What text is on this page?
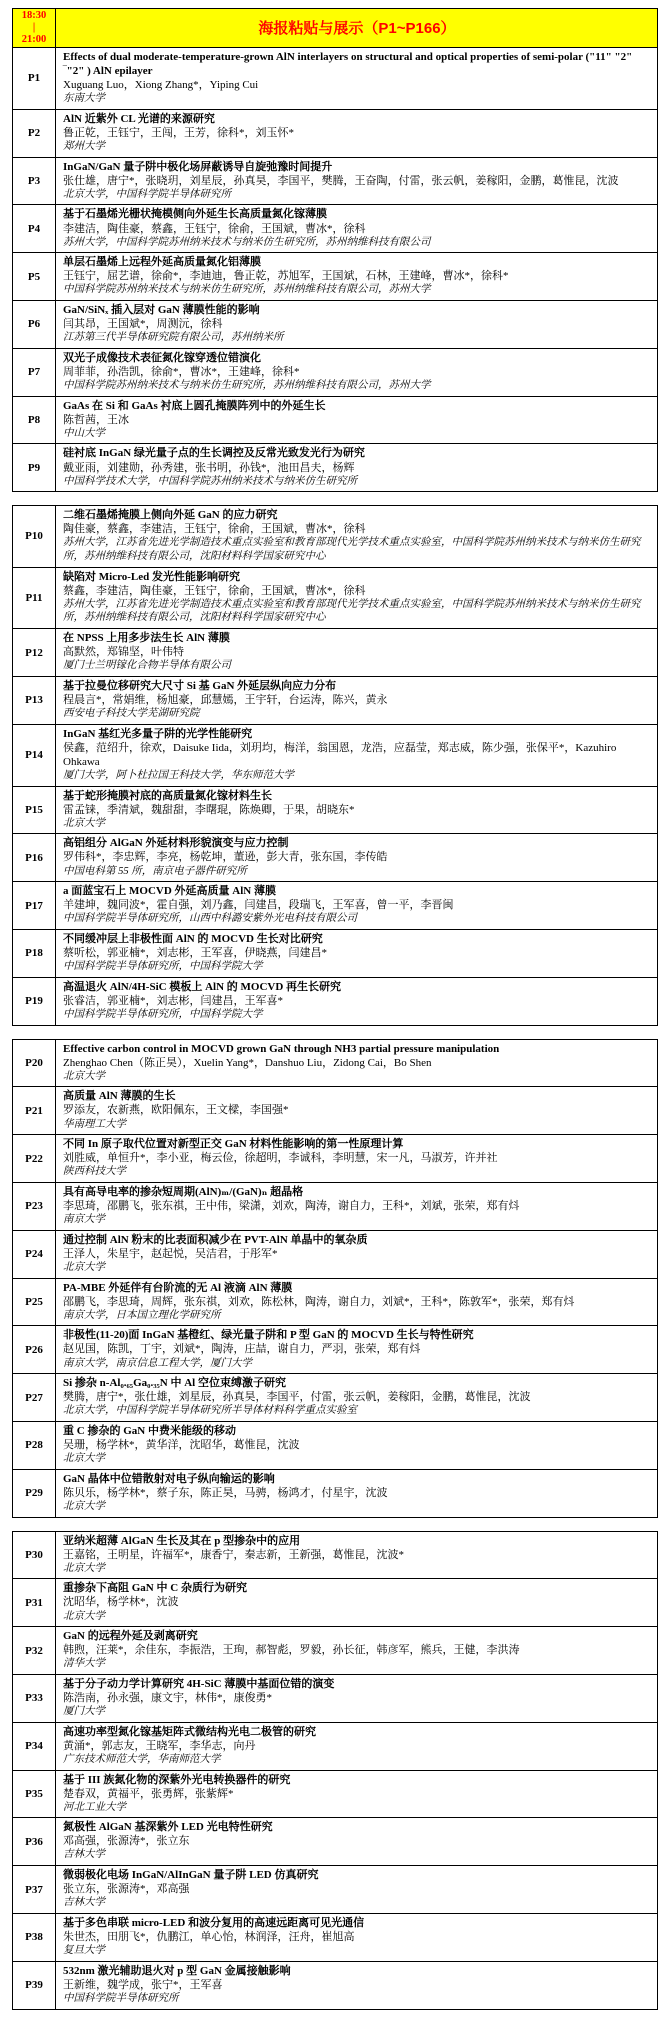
18:30
|
21:00
海报粘贴与展示（P1~P166）
P1
Effects of dual moderate-temperature-grown AlN interlayers on structural and optical properties of semi-polar ("11" "2" ‾"2" ) AlN epilayer
Xuguang Luo，Xiong Zhang*，Yiping Cui
东南大学
P2
AlN 近紫外 CL 光谱的来源研究
鲁正乾，王钰宁，王闯，王芳，徐科*，刘玉怀*
郑州大学
P3
InGaN/GaN 量子阱中极化场屏蔽诱导自旋弛豫时间提升
张仕雄，唐宁*，张晓玥，刘星辰，孙真昊，李国平，樊腾，王奋陶，付雷，张云帆，姜稼阳，金鹏，葛惟昆，沈波
北京大学，中国科学院半导体研究所
P4
基于石墨烯光栅状掩模侧向外延生长高质量氮化镓薄膜
李建洁，陶佳豪，蔡鑫，王钰宁，徐俞，王国斌，曹冰*，徐科
苏州大学，中国科学院苏州纳米技术与纳米仿生研究所，苏州纳维科技有限公司
P5
单层石墨烯上远程外延高质量氮化铝薄膜
王钰宁，屈艺谱，徐俞*，李迪迪，鲁正乾，苏旭军，王国斌，石林，王建峰，曹冰*，徐科*
中国科学院苏州纳米技术与纳米仿生研究所，苏州纳维科技有限公司，苏州大学
P6
GaN/SiNₓ 插入层对 GaN 薄膜性能的影响
闫其昂，王国斌*，周测沅，徐科
江苏第三代半导体研究院有限公司，苏州纳米所
P7
双光子成像技术表征氮化镓穿透位错演化
周菲菲，孙浩凯，徐俞*，曹冰*，王建峰，徐科*
中国科学院苏州纳米技术与纳米仿生研究所，苏州纳维科技有限公司，苏州大学
P8
GaAs 在 Si 和 GaAs 衬底上圆孔掩膜阵列中的外延生长
陈哲茜，王冰
中山大学
P9
硅衬底 InGaN 绿光量子点的生长调控及反常光致发光行为研究
戴亚雨，刘建勋，孙秀建，张书明，孙钱*，池田昌夫，杨辉
中国科学技术大学，中国科学院苏州纳米技术与纳米仿生研究所
P10
二维石墨烯掩膜上侧向外延 GaN 的应力研究
陶佳豪，蔡鑫，李建洁，王钰宁，徐俞，王国斌，曹冰*，徐科
苏州大学，江苏省先进光学制造技术重点实验室和教育部现代光学技术重点实验室，中国科学院苏州纳米技术与纳米仿生研究所，苏州纳维科技有限公司，沈阳材料科学国家研究中心
P11
缺陷对 Micro-Led 发光性能影响研究
蔡鑫，李建洁，陶佳豪，王钰宁，徐俞，王国斌，曹冰*，徐科
苏州大学，江苏省先进光学制造技术重点实验室和教育部现代光学技术重点实验室，中国科学院苏州纳米技术与纳米仿生研究所，苏州纳维科技有限公司，沈阳材料科学国家研究中心
P12
在 NPSS 上用多步法生长 AlN 薄膜
高默然，郑锦坚，叶伟特
厦门士兰明镓化合物半导体有限公司
P13
基于拉曼位移研究大尺寸 Si 基 GaN 外延层纵向应力分布
程晨言*，常娟维，杨旭豪，邱慧嫣，王宇轩，台运涛，陈兴，黄永
西安电子科技大学芜湖研究院
P14
InGaN 基红光多量子阱的光学性能研究
侯鑫，范绍升，徐欢，Daisuke Iida，刘玥均，梅洋，翁国恩，龙浩，应磊莹，郑志威，陈少强，张保平*，Kazuhiro Ohkawa
厦门大学，阿卜杜拉国王科技大学，华东师范大学
P15
基于蛇形掩膜衬底的高质量氮化镓材料生长
雷孟铼，季清斌，魏甜甜，李曙琨，陈焕卿，于果，胡晓东*
北京大学
P16
高铝组分 AlGaN 外延材料形貌演变与应力控制
罗伟科*，李忠辉，李亮，杨乾坤，董逊，彭大青，张东国，李传皓
中国电科第 55 所，南京电子器件研究所
P17
a 面蓝宝石上 MOCVD 外延高质量 AlN 薄膜
羊建坤，魏同波*，霍自强，刘乃鑫，闫建昌，段瑞飞，王军喜，曾一平，李晋闽
中国科学院半导体研究所，山西中科潞安紫外光电科技有限公司
P18
不同缓冲层上非极性面 AlN 的 MOCVD 生长对比研究
蔡听松，郭亚楠*，刘志彬，王军喜，伊晓燕，闫建昌*
中国科学院半导体研究所，中国科学院大学
P19
高温退火 AlN/4H-SiC 模板上 AlN 的 MOCVD 再生长研究
张睿洁，郭亚楠*，刘志彬，闫建昌，王军喜*
中国科学院半导体研究所，中国科学院大学
P20
Effective carbon control in MOCVD grown GaN through NH3 partial pressure manipulation
Zhenghao Chen（陈正昊），Xuelin Yang*，Danshuo Liu，Zidong Cai，Bo Shen
北京大学
P21
高质量 AlN 薄膜的生长
罗添友，农新燕，欧阳佩东，王文樑，李国强*
华南理工大学
P22
不同 In 原子取代位置对新型正交 GaN 材料性能影响的第一性原理计算
刘胜威，单恒升*，李小亚，梅云俭，徐超明，李诚科，李明慧，宋一凡，马淑芳，许并社
陕西科技大学
P23
具有高导电率的掺杂短周期(AlN)ₘ/(GaN)ₙ 超晶格
李思琦，邵鹏飞，张东祺，王中伟，梁潇，刘欢，陶涛，谢自力，王科*，刘斌，张荣，郑有炓
南京大学
P24
通过控制 AlN 粉末的比表面积减少在 PVT-AlN 单晶中的氧杂质
王泽人，朱星宇，赵起悦，吴洁君，于彤军*
北京大学
P25
PA-MBE 外延伴有台阶流的无 Al 液滴 AlN 薄膜
邵鹏飞，李思琦，周辉，张东祺，刘欢，陈松林，陶涛，谢自力，刘斌*，王科*，陈敦军*，张荣，郑有炓
南京大学，日本国立理化学研究所
P26
非极性(11-20)面 InGaN 基橙红、绿光量子阱和 P 型 GaN 的 MOCVD 生长与特性研究
赵见国，陈凯，丁宇，刘斌*，陶涛，庄喆，谢自力，严羽，张荣，郑有炓
南京大学，南京信息工程大学，厦门大学
P27
Si 掺杂 n-Al₀.₆₅Ga₀.₃₅N 中 Al 空位束缚激子研究
樊腾，唐宁*，张仕雄，刘星辰，孙真昊，李国平，付雷，张云帆，姜稼阳，金鹏，葛惟昆，沈波
北京大学，中国科学院半导体研究所半导体材料科学重点实验室
P28
重 C 掺杂的 GaN 中费米能级的移动
吴珊，杨学林*，黄华洋，沈昭华，葛惟昆，沈波
北京大学
P29
GaN 晶体中位错散射对电子纵向输运的影响
陈贝乐，杨学林*，蔡子东，陈正昊，马骋，杨鸿才，付星宇，沈波
北京大学
P30
亚纳米超薄 AlGaN 生长及其在 p 型掺杂中的应用
王嘉铭，王明星，许福军*，康香宁，秦志新，王新强，葛惟昆，沈波*
北京大学
P31
重掺杂下高阻 GaN 中 C 杂质行为研究
沈昭华，杨学林*，沈波
北京大学
P32
GaN 的远程外延及剥离研究
韩煦，汪莱*，余佳东，李振浩，王珣，郝智彪，罗毅，孙长征，韩彦军，熊兵，王健，李洪涛
清华大学
P33
基于分子动力学计算研究 4H-SiC 薄膜中基面位错的演变
陈浩南，孙永强，康文宇，林伟*，康俊勇*
厦门大学
P34
高速功率型氮化镓基矩阵式微结构光电二极管的研究
黄涌*，郭志友，王晓军，李华志，向丹
广东技术师范大学，华南师范大学
P35
基于 III 族氮化物的深紫外光电转换器件的研究
楚春双，黄福平，张勇辉，张紫辉*
河北工业大学
P36
氮极性 AlGaN 基深紫外 LED 光电特性研究
邓高强，张源涛*，张立东
吉林大学
P37
微弱极化电场 InGaN/AlInGaN 量子阱 LED 仿真研究
张立东，张源涛*，邓高强
吉林大学
P38
基于多色串联 micro-LED 和波分复用的高速远距离可见光通信
朱世杰，田朋飞*，仇鹏江，单心怡，林润泽，汪舟，崔旭高
复旦大学
P39
532nm 激光辅助退火对 p 型 GaN 金属接触影响
王新维，魏学成，张宁*，王军喜
中国科学院半导体研究所
